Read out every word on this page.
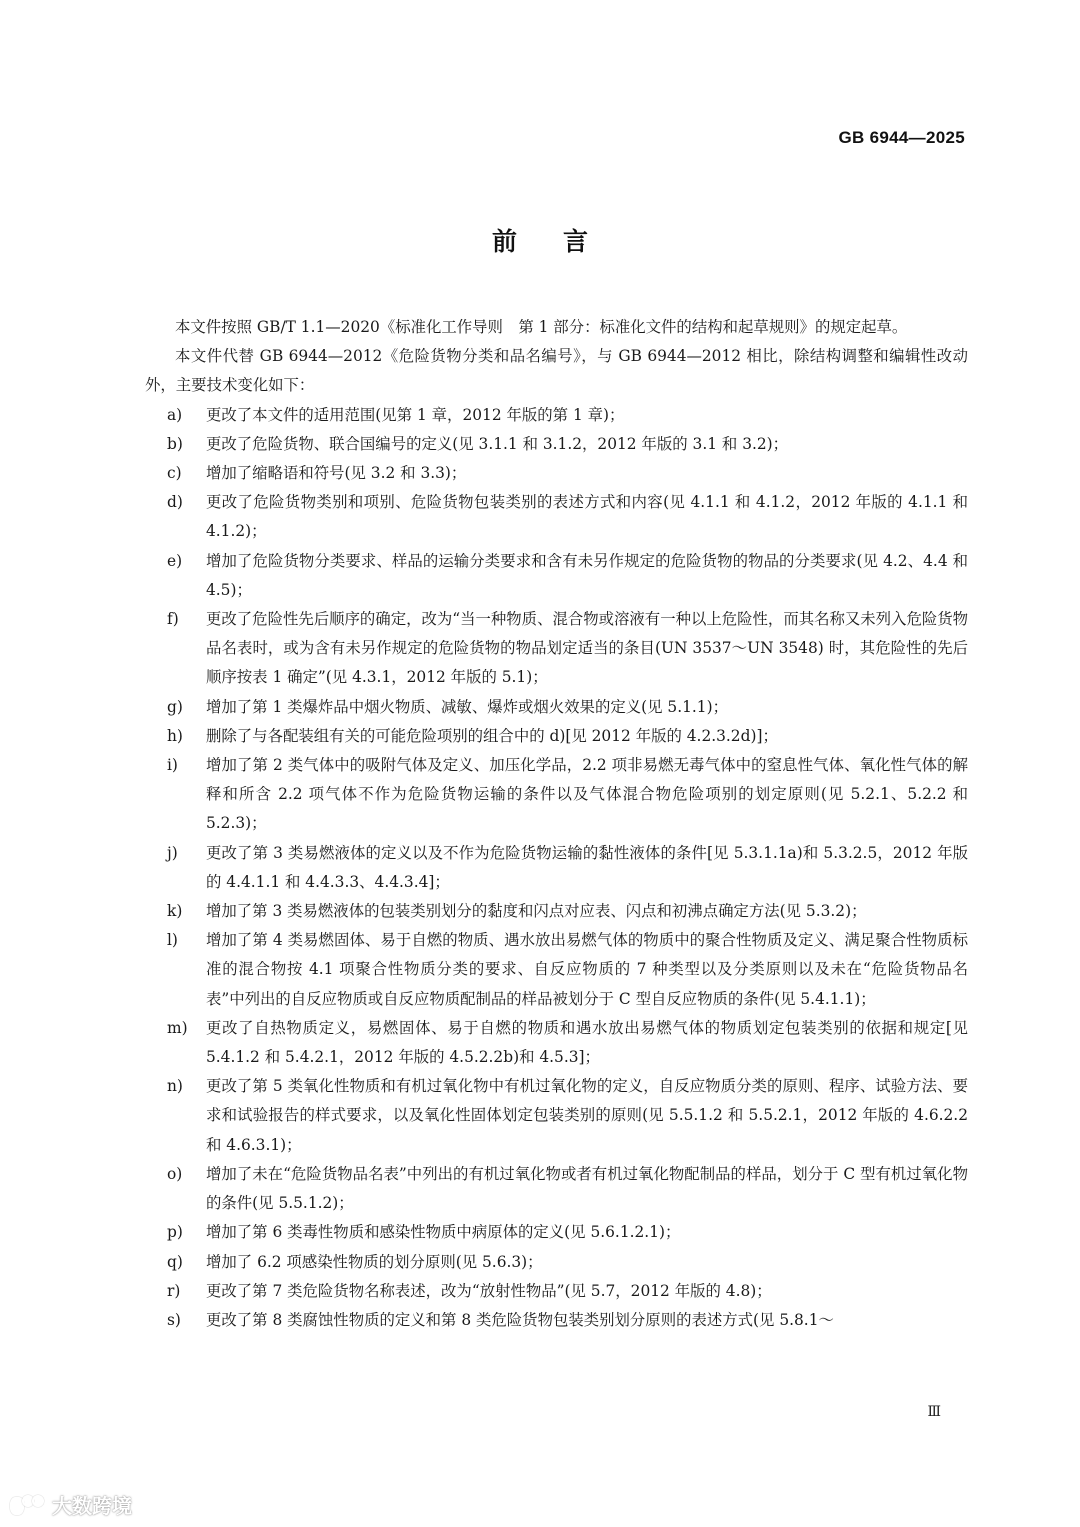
GB 6944—2025
前言

本文件按照 GB/T 1.1—2020《标准化工作导则　第 1 部分：标准化文件的结构和起草规则》的规定起草。

本文件代替 GB 6944—2012《危险货物分类和品名编号》，与 GB 6944—2012 相比，除结构调整和编辑性改动外，主要技术变化如下：

a) 更改了本文件的适用范围(见第 1 章，2012 年版的第 1 章)；
b) 更改了危险货物、联合国编号的定义(见 3.1.1 和 3.1.2，2012 年版的 3.1 和 3.2)；
c) 增加了缩略语和符号(见 3.2 和 3.3)；
d) 更改了危险货物类别和项别、危险货物包装类别的表述方式和内容(见 4.1.1 和 4.1.2，2012 年版的 4.1.1 和 4.1.2)；
e) 增加了危险货物分类要求、样品的运输分类要求和含有未另作规定的危险货物的物品的分类要求(见 4.2、4.4 和 4.5)；
f) 更改了危险性先后顺序的确定，改为“当一种物质、混合物或溶液有一种以上危险性，而其名称又未列入危险货物品名表时，或为含有未另作规定的危险货物的物品划定适当的条目(UN 3537～UN 3548) 时，其危险性的先后顺序按表 1 确定”(见 4.3.1，2012 年版的 5.1)；
g) 增加了第 1 类爆炸品中烟火物质、减敏、爆炸或烟火效果的定义(见 5.1.1)；
h) 删除了与各配装组有关的可能危险项别的组合中的 d)[见 2012 年版的 4.2.3.2d)]；
i) 增加了第 2 类气体中的吸附气体及定义、加压化学品，2.2 项非易燃无毒气体中的窒息性气体、氧化性气体的解释和所含 2.2 项气体不作为危险货物运输的条件以及气体混合物危险项别的划定原则(见 5.2.1、5.2.2 和 5.2.3)；
j) 更改了第 3 类易燃液体的定义以及不作为危险货物运输的黏性液体的条件[见 5.3.1.1a)和 5.3.2.5，2012 年版的 4.4.1.1 和 4.4.3.3、4.4.3.4]；
k) 增加了第 3 类易燃液体的包装类别划分的黏度和闪点对应表、闪点和初沸点确定方法(见 5.3.2)；
l) 增加了第 4 类易燃固体、易于自燃的物质、遇水放出易燃气体的物质中的聚合性物质及定义、满足聚合性物质标准的混合物按 4.1 项聚合性物质分类的要求、自反应物质的 7 种类型以及分类原则以及未在“危险货物品名表”中列出的自反应物质或自反应物质配制品的样品被划分于 C 型自反应物质的条件(见 5.4.1.1)；
m) 更改了自热物质定义，易燃固体、易于自燃的物质和遇水放出易燃气体的物质划定包装类别的依据和规定[见 5.4.1.2 和 5.4.2.1，2012 年版的 4.5.2.2b)和 4.5.3]；
n) 更改了第 5 类氧化性物质和有机过氧化物中有机过氧化物的定义，自反应物质分类的原则、程序、试验方法、要求和试验报告的样式要求，以及氧化性固体划定包装类别的原则(见 5.5.1.2 和 5.5.2.1，2012 年版的 4.6.2.2 和 4.6.3.1)；
o) 增加了未在“危险货物品名表”中列出的有机过氧化物或者有机过氧化物配制品的样品，划分于 C 型有机过氧化物的条件(见 5.5.1.2)；
p) 增加了第 6 类毒性物质和感染性物质中病原体的定义(见 5.6.1.2.1)；
q) 增加了 6.2 项感染性物质的划分原则(见 5.6.3)；
r) 更改了第 7 类危险货物名称表述，改为“放射性物品”(见 5.7，2012 年版的 4.8)；
s) 更改了第 8 类腐蚀性物质的定义和第 8 类危险货物包装类别划分原则的表述方式(见 5.8.1～
Ⅲ
大数跨境
